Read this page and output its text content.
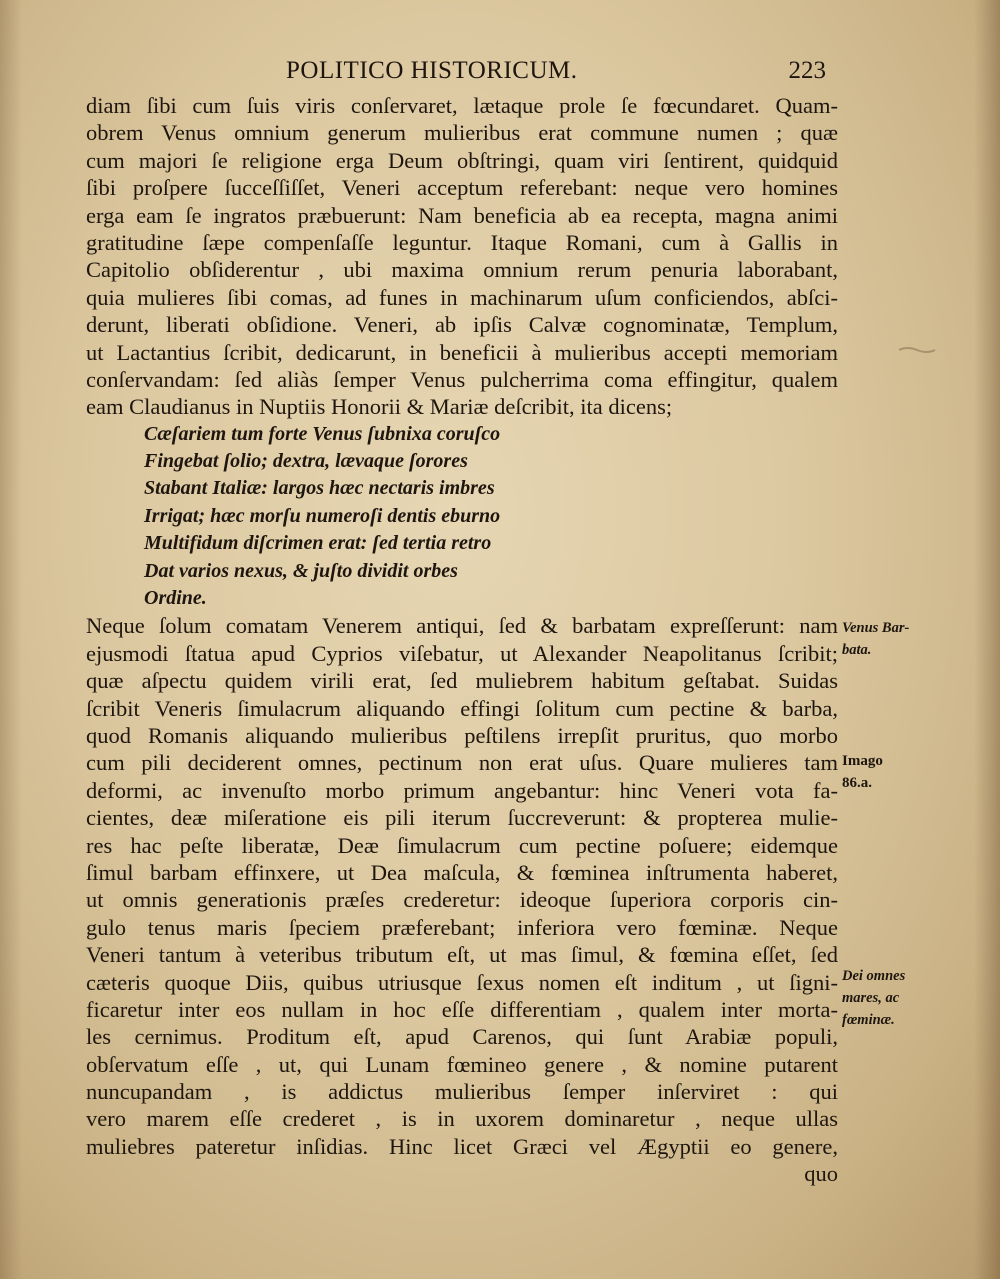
POLITICO HISTORICUM.	223
diam ſibi cum ſuis viris conſervaret, lætaque prole ſe fœcundaret. Quam-
obrem Venus omnium generum mulieribus erat commune numen ; quæ
cum majori ſe religione erga Deum obſtringi, quam viri ſentirent, quidquid
ſibi proſpere ſucceſſiſſet, Veneri acceptum referebant: neque vero homines
erga eam ſe ingratos præbuerunt: Nam beneficia ab ea recepta, magna animi
gratitudine ſæpe compenſaſſe leguntur. Itaque Romani, cum à Gallis in
Capitolio obſiderentur , ubi maxima omnium rerum penuria laborabant,
quia mulieres ſibi comas, ad funes in machinarum uſum conficiendos, abſci-
derunt, liberati obſidione. Veneri, ab ipſis Calvæ cognominatæ, Templum,
ut Lactantius ſcribit, dedicarunt, in beneficii à mulieribus accepti memoriam
conſervandam: ſed aliàs ſemper Venus pulcherrima coma effingitur, qualem
eam Claudianus in Nuptiis Honorii & Mariæ deſcribit, ita dicens;
Cæſariem tum forte Venus ſubnixa coruſco
Fingebat ſolio; dextra, lævaque ſorores
Stabant Italiæ: largos hæc nectaris imbres
Irrigat; hæc morſu numeroſi dentis eburno
Multifidum diſcrimen erat: ſed tertia retro
Dat varios nexus, & juſto dividit orbes
Ordine.
Neque ſolum comatam Venerem antiqui, ſed & barbatam expreſſerunt: nam
ejusmodi ſtatua apud Cyprios viſebatur, ut Alexander Neapolitanus ſcribit;
quæ aſpectu quidem virili erat, ſed muliebrem habitum geſtabat. Suidas
ſcribit Veneris ſimulacrum aliquando effingi ſolitum cum pectine & barba,
quod Romanis aliquando mulieribus peſtilens irrepſit pruritus, quo morbo
cum pili deciderent omnes, pectinum non erat uſus. Quare mulieres tam
deformi, ac invenuſto morbo primum angebantur: hinc Veneri vota fa-
cientes, deæ miſeratione eis pili iterum ſuccreverunt: & propterea mulie-
res hac peſte liberatæ, Deæ ſimulacrum cum pectine poſuere; eidemque
ſimul barbam effinxere, ut Dea maſcula, & fœminea inſtrumenta haberet,
ut omnis generationis præſes crederetur: ideoque ſuperiora corporis cin-
gulo tenus maris ſpeciem præferebant; inferiora vero fœminæ. Neque
Veneri tantum à veteribus tributum eſt, ut mas ſimul, & fœmina eſſet, ſed
cæteris quoque Diis, quibus utriusque ſexus nomen eſt inditum , ut ſigni-
ficaretur inter eos nullam in hoc eſſe differentiam , qualem inter morta-
les cernimus. Proditum eſt, apud Carenos, qui ſunt Arabiæ populi,
obſervatum eſſe , ut, qui Lunam fœmineo genere , & nomine putarent
nuncupandam , is addictus mulieribus ſemper inſerviret : qui
vero marem eſſe crederet , is in uxorem dominaretur , neque ullas
muliebres pateretur inſidias. Hinc licet Græci vel Ægyptii eo genere,
quo
Venus Bar-
bata.
Imago
86.a.
Dei omnes
mares, ac
fœminæ.
